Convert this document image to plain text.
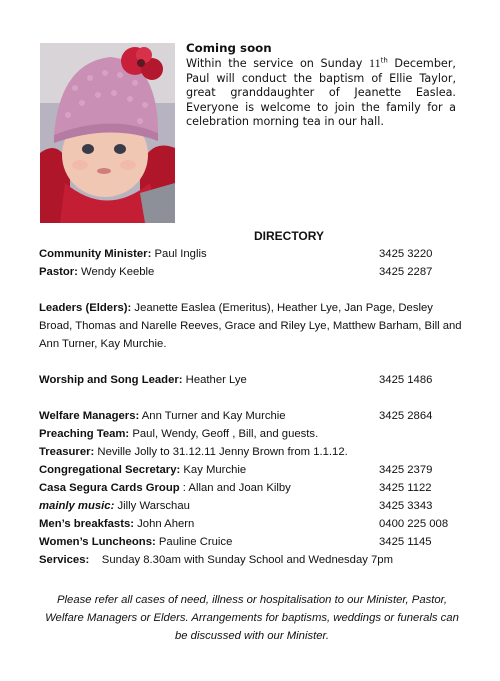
Coming soon

Within the service on Sunday 11th December, Paul will conduct the baptism of Ellie Taylor, great granddaughter of Jeanette Easlea. Everyone is welcome to join the family for a celebration morning tea in our hall.

DIRECTORY
Community Minister: Paul Inglis	3425 3220
Pastor: Wendy Keeble	3425 2287
Leaders (Elders): Jeanette Easlea (Emeritus), Heather Lye, Jan Page, Desley Broad, Thomas and Narelle Reeves, Grace and Riley Lye, Matthew Barham, Bill and Ann Turner, Kay Murchie.
Worship and Song Leader: Heather Lye	3425 1486
Welfare Managers: Ann Turner and Kay Murchie	3425 2864
Preaching Team: Paul, Wendy, Geoff , Bill, and guests.
Treasurer: Neville Jolly to 31.12.11 Jenny Brown from 1.1.12.
Congregational Secretary: Kay Murchie	3425 2379
Casa Segura Cards Group : Allan and Joan Kilby	3425 1122
mainly music: Jilly Warschau	3425 3343
Men’s breakfasts: John Ahern	0400 225 008
Women’s Luncheons: Pauline Cruice	3425 1145
Services:    Sunday 8.30am with Sunday School and Wednesday 7pm
Please refer all cases of need, illness or hospitalisation to our Minister, Pastor, Welfare Managers or Elders. Arrangements for baptisms, weddings or funerals can be discussed with our Minister.
